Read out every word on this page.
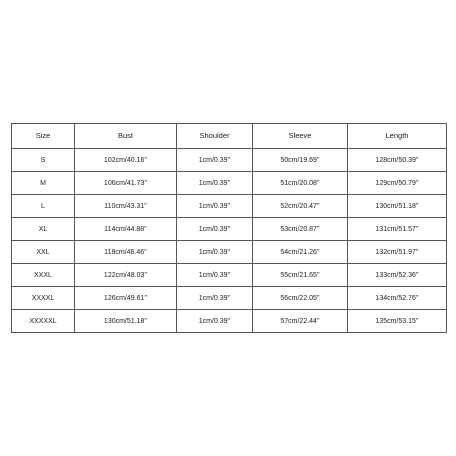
Size	Bust	Shoulder	Sleeve	Length
S	102cm/40.16''	1cm/0.39''	50cm/19.69''	128cm/50.39''
M	106cm/41.73''	1cm/0.39''	51cm/20.08''	129cm/50.79''
L	110cm/43.31''	1cm/0.39''	52cm/20.47''	130cm/51.18''
XL	114cm/44.88''	1cm/0.39''	53cm/20.87''	131cm/51.57''
XXL	118cm/46.46''	1cm/0.39''	54cm/21.26''	132cm/51.97''
XXXL	122cm/48.03''	1cm/0.39''	55cm/21.65''	133cm/52.36''
XXXXL	126cm/49.61''	1cm/0.39''	56cm/22.05''	134cm/52.76''
XXXXXL	130cm/51.18''	1cm/0.39''	57cm/22.44''	135cm/53.15''
